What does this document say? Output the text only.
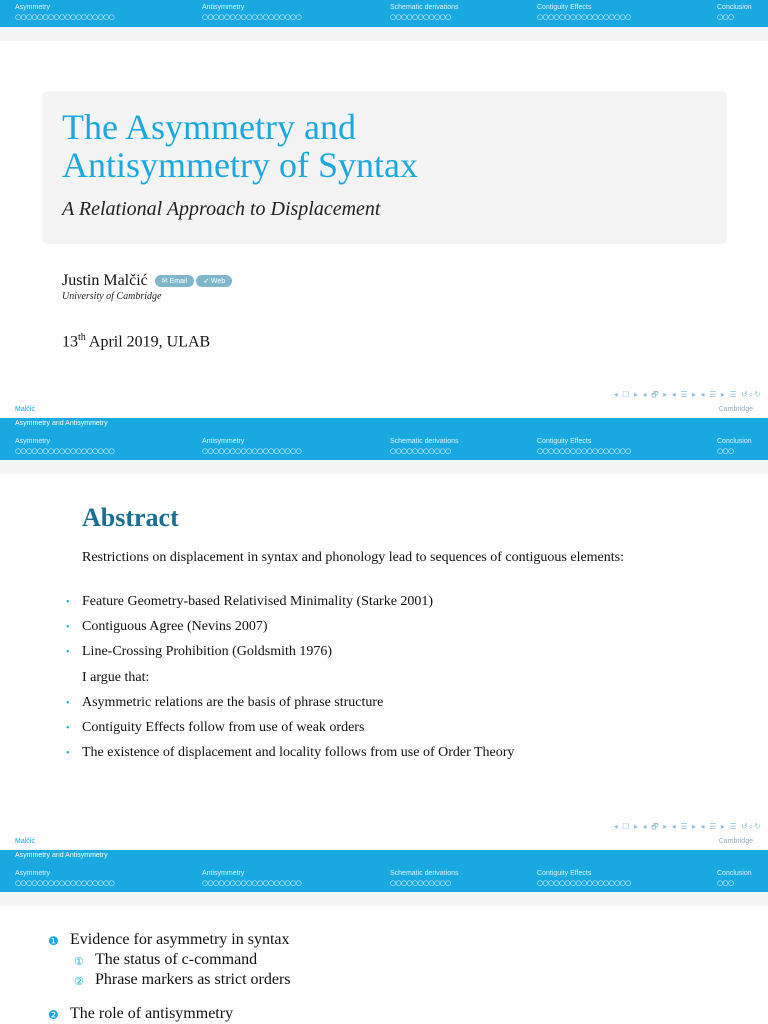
Asymmetry
○○○○○○○○○○○○○○○○○○
Antisymmetry
○○○○○○○○○○○○○○○○○○
Schematic derivations
○○○○○○○○○○○
Contiguity Effects
○○○○○○○○○○○○○○○○○
Conclusion
○○○
The Asymmetry and
Antisymmetry of Syntax
A Relational Approach to Displacement
Justin Malčić ✉ Email ➶ Web
University of Cambridge
13th April 2019, ULAB
◂ ☐ ▸ ◂ 🗗 ▸ ◂ ☰ ▸ ◂ ☰ ▸ ☰ ↺⌕↻
Malčić	Cambridge
Asymmetry and Antisymmetry
Asymmetry
○○○○○○○○○○○○○○○○○○
Antisymmetry
○○○○○○○○○○○○○○○○○○
Schematic derivations
○○○○○○○○○○○
Contiguity Effects
○○○○○○○○○○○○○○○○○
Conclusion
○○○
Abstract
Restrictions on displacement in syntax and phonology lead to sequences of contiguous elements:
• Feature Geometry-based Relativised Minimality (Starke 2001)
• Contiguous Agree (Nevins 2007)
• Line-Crossing Prohibition (Goldsmith 1976)
I argue that:
• Asymmetric relations are the basis of phrase structure
• Contiguity Effects follow from use of weak orders
• The existence of displacement and locality follows from use of Order Theory
◂ ☐ ▸ ◂ 🗗 ▸ ◂ ☰ ▸ ◂ ☰ ▸ ☰ ↺⌕↻
Malčić	Cambridge
Asymmetry and Antisymmetry
Asymmetry
○○○○○○○○○○○○○○○○○○
Antisymmetry
○○○○○○○○○○○○○○○○○○
Schematic derivations
○○○○○○○○○○○
Contiguity Effects
○○○○○○○○○○○○○○○○○
Conclusion
○○○
❶ Evidence for asymmetry in syntax
① The status of c-command
② Phrase markers as strict orders
❷ The role of antisymmetry
